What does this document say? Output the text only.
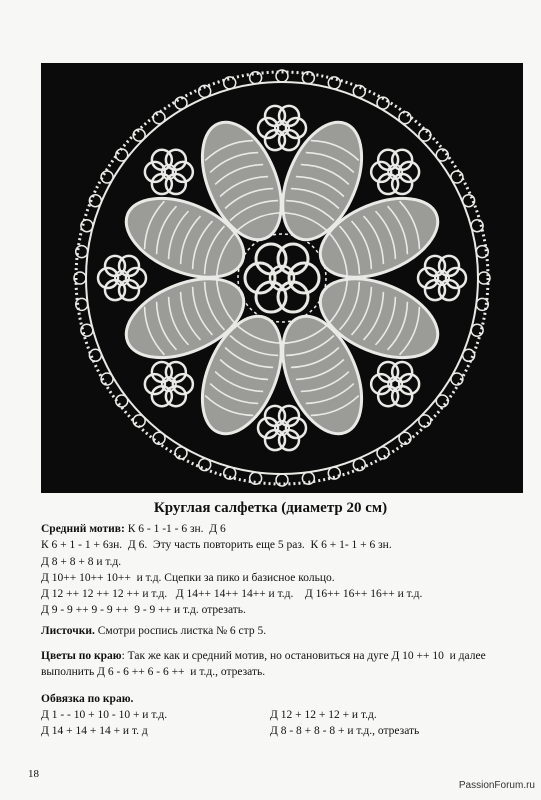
Круглая салфетка (диаметр 20 см)
Средний мотив: К 6 - 1 -1 - 6 зн.  Д 6
К 6 + 1 - 1 + 6зн.  Д 6.  Эту часть повторить еще 5 раз.  К 6 + 1- 1 + 6 зн.
Д 8 + 8 + 8 и т.д.
Д 10++ 10++ 10++  и т.д. Сцепки за пико и базисное кольцо.
Д 12 ++ 12 ++ 12 ++ и т.д.   Д 14++ 14++ 14++ и т.д.    Д 16++ 16++ 16++ и т.д.
Д 9 - 9 ++ 9 - 9 ++  9 - 9 ++ и т.д. отрезать.
Листочки. Смотри роспись листка № 6 стр 5.
Цветы по краю: Так же как и средний мотив, но остановиться на дуге Д 10 ++ 10  и далее
выполнить Д 6 - 6 ++ 6 - 6 ++  и т.д., отрезать.
Обвязка по краю.
Д 1 - - 10 + 10 - 10 + и т.д.
Д 14 + 14 + 14 + и т. д
Д 12 + 12 + 12 + и т.д.
Д 8 - 8 + 8 - 8 + и т.д., отрезать
18
PassionForum.ru
